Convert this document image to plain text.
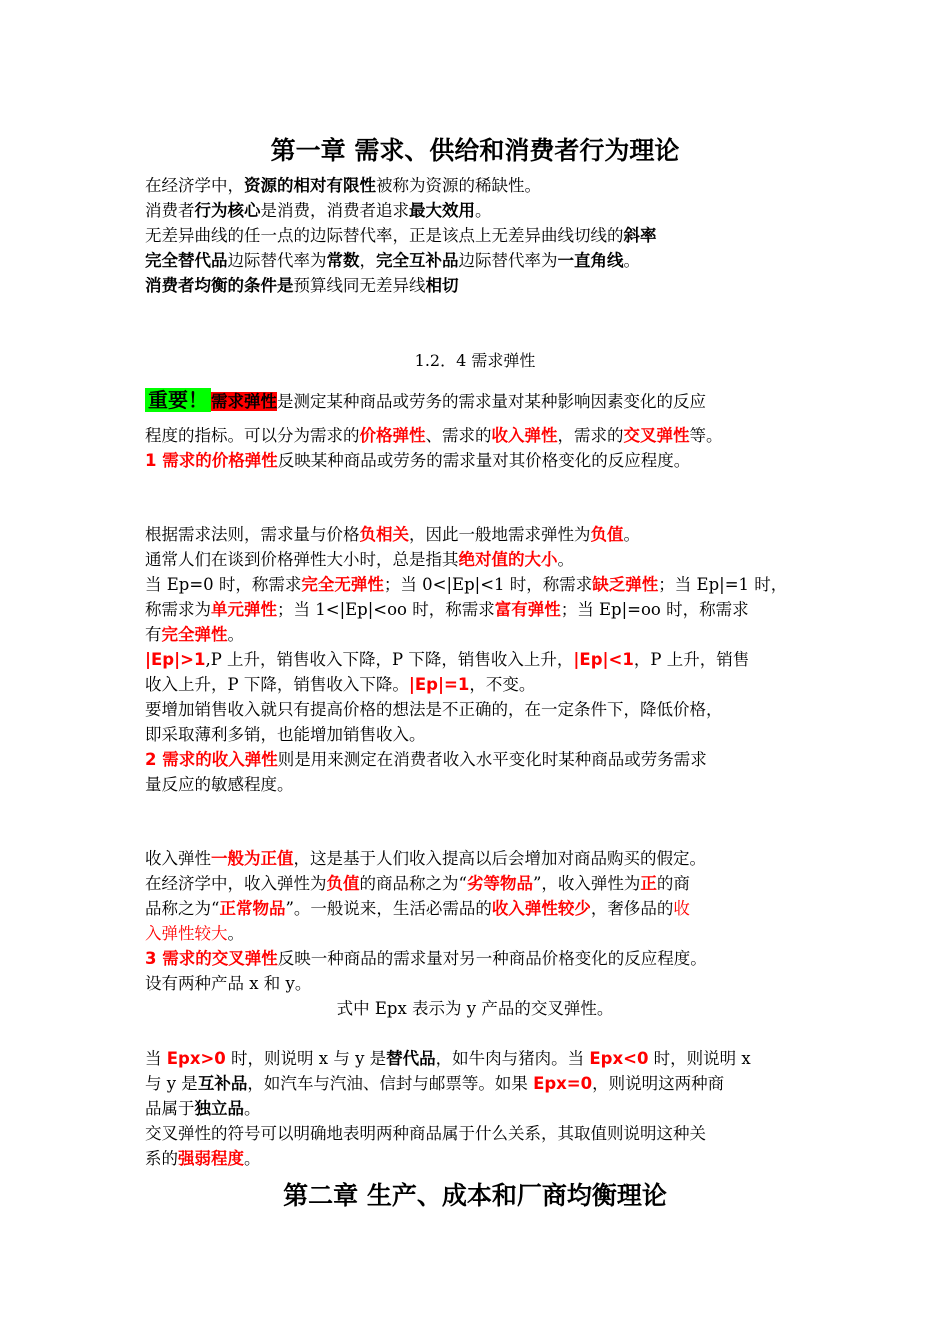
第一章 需求、供给和消费者行为理论
在经济学中，资源的相对有限性被称为资源的稀缺性。
消费者行为核心是消费，消费者追求最大效用。
无差异曲线的任一点的边际替代率，正是该点上无差异曲线切线的斜率
完全替代品边际替代率为常数，完全互补品边际替代率为一直角线。
消费者均衡的条件是预算线同无差异线相切
1.2．4 需求弹性
重要！ 需求弹性是测定某种商品或劳务的需求量对某种影响因素变化的反应
程度的指标。可以分为需求的价格弹性、需求的收入弹性，需求的交叉弹性等。
1 需求的价格弹性反映某种商品或劳务的需求量对其价格变化的反应程度。
根据需求法则，需求量与价格负相关，因此一般地需求弹性为负值。
通常人们在谈到价格弹性大小时，总是指其绝对值的大小。
当 Ep=0 时，称需求完全无弹性；当 0<|Ep|<1 时，称需求缺乏弹性；当 Ep|=1 时，
称需求为单元弹性；当 1<|Ep|<oo 时，称需求富有弹性；当 Ep|=oo 时，称需求
有完全弹性。
|Ep|>1,P 上升，销售收入下降，P 下降，销售收入上升，|Ep|<1，P 上升，销售
收入上升，P 下降，销售收入下降。|Ep|=1，不变。
要增加销售收入就只有提高价格的想法是不正确的，在一定条件下，降低价格，
即采取薄利多销，也能增加销售收入。
2 需求的收入弹性则是用来测定在消费者收入水平变化时某种商品或劳务需求
量反应的敏感程度。
收入弹性一般为正值，这是基于人们收入提高以后会增加对商品购买的假定。
在经济学中，收入弹性为负值的商品称之为“劣等物品”，收入弹性为正的商
品称之为“正常物品”。一般说来，生活必需品的收入弹性较少，奢侈品的收
入弹性较大。
3 需求的交叉弹性反映一种商品的需求量对另一种商品价格变化的反应程度。
设有两种产品 x 和 y。
式中 Epx 表示为 y 产品的交叉弹性。
当 Epx>0 时，则说明 x 与 y 是替代品，如牛肉与猪肉。当 Epx<0 时，则说明 x
与 y 是互补品，如汽车与汽油、信封与邮票等。如果 Epx=0，则说明这两种商
品属于独立品。
交叉弹性的符号可以明确地表明两种商品属于什么关系，其取值则说明这种关
系的强弱程度。
第二章 生产、成本和厂商均衡理论
